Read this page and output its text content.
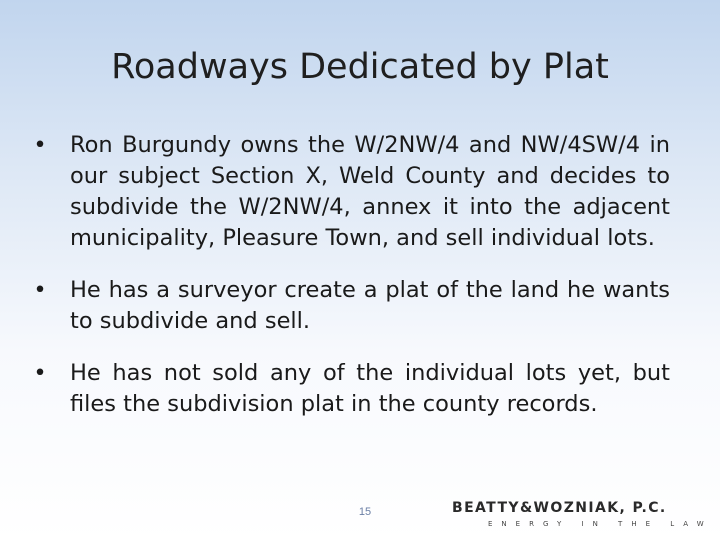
Roadways Dedicated by Plat
• Ron Burgundy owns the W/2NW/4 and NW/4SW/4 in our subject Section X, Weld County and decides to subdivide the W/2NW/4, annex it into the adjacent municipality, Pleasure Town, and sell individual lots.
• He has a surveyor create a plat of the land he wants to subdivide and sell.
• He has not sold any of the individual lots yet, but files the subdivision plat in the county records.
15	BEATTY&WOZNIAK, P.C.
ENERGY IN THE LAW
